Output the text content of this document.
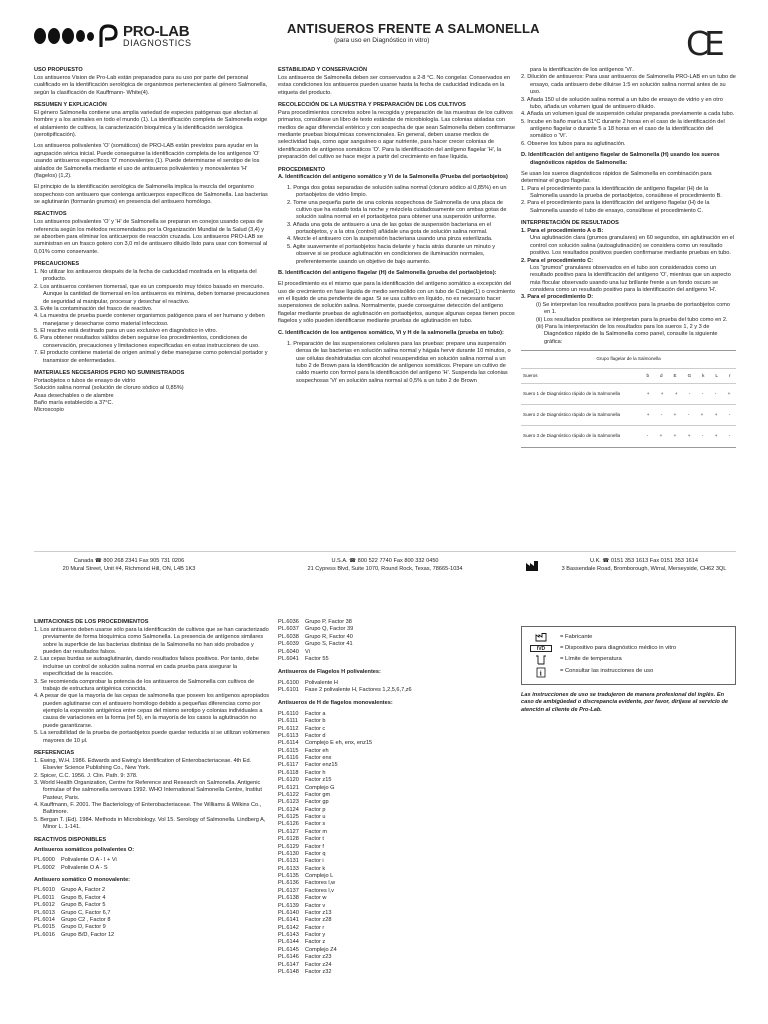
PRO-LAB
DIAGNOSTICS
ANTISUEROS FRENTE A SALMONELLA
(para uso en Diagnóstico in vitro)	CE
USO PROPUESTO

Los antisueros Vision de Pro-Lab están preparados para su uso por parte del personal cualificado en la identificación serológica de organismos pertenecientes al género Salmonella, según la clasificación de Kauffmann- White(4).

RESUMEN Y EXPLICACIÓN

El género Salmonella contiene una amplia variedad de especies patógenas que afectan al hombre y a los animales en todo el mundo (1). La identificación completa de Salmonella exige el aislamiento de cultivos, la caracterización bioquímica y la identificación serológica (serotipificación).

Los antisueros polivalentes 'O' (somáticos) de PRO-LAB están previstos para ayudar en la agrupación sérica inicial. Puede conseguirse la identificación completa de los antígenos 'O' usando antisueros específicos 'O' monovalentes (1). Puede determinarse el serotipo de los aislados de Salmonella mediante el uso de antisueros polivalentes y monovalentes 'H' (flagelos) (1,2).

El principio de la identificación serológica de Salmonella implica la mezcla del organismo sospechoso con antisuero que contenga anticuerpos específicos de Salmonella. Las bacterias se aglutinarán (formarán grumos) en presencia del antisuero homólogo.

REACTIVOS

Los antisueros polivalentes 'O' y 'H' de Salmonella se preparan en conejos usando cepas de referencia según los métodos recomendados por la Organización Mundial de la Salud (3,4) y se absorben para eliminar los anticuerpos de reacción cruzada. Los antisueros PRO-LAB se suministran en un frasco gotero con 3,0 ml de antisuero diluido listo para usar con tiomersal al 0,01% como conservante.

PRECAUCIONES
1. No utilizar los antisueros después de la fecha de caducidad mostrada en la etiqueta del producto.
2. Los antisueros contienen tiomersal, que es un compuesto muy tóxico basado en mercurio. Aunque la cantidad de tiomersal en los antisueros es mínima, deben tomarse precauciones de seguridad al manipular, procesar y desechar el reactivo.
3. Evite la contaminación del frasco de reactivo.
4. La muestra de prueba puede contener organismos patógenos para el ser humano y deben manejarse y desecharse como material infeccioso.
5. El reactivo está destinado para un uso exclusivo en diagnóstico in vitro.
6. Para obtener resultados válidos deben seguirse los procedimientos, condiciones de conservación, precauciones y limitaciones especificadas en estas instrucciones de uso.
7. El producto contiene material de origen animal y debe manejarse como potencial portador y transmisor de enfermedades.
MATERIALES NECESARIOS PERO NO SUMINISTRADOS
Portaobjetos o tubos de ensayo de vidrio
Solución salina normal (solución de cloruro sódico al 0,85%)
Asas desechables o de alambre
Baño maría establecido a 37°C.
Microscopio
ESTABILIDAD Y CONSERVACIÓN

Los antisueros de Salmonella deben ser conservados a 2-8 °C. No congelar. Conservados en estas condiciones los antisueros pueden usarse hasta la fecha de caducidad indicada en la etiqueta del producto.

RECOLECCIÓN DE LA MUESTRA Y PREPARACIÓN DE LOS CULTIVOS

Para procedimientos concretos sobre la recogida y preparación de las muestras de los cultivos primarios, consúltese un libro de texto estándar de microbiología. Las colonias aisladas con medios de agar diferencial entérico y con sospecha de que sean Salmonella deben confirmarse mediante pruebas bioquímicas convencionales. En general, deben usarse medios de selectividad baja, como agar sanguíneo o agar nutriente, para hacer crecer colonias de identificación de antígenos somáticos 'O'. Para la identificación del antígeno flagelar 'H', la preparación del cultivo se hace mejor a partir del crecimiento en fase líquida.

PROCEDIMIENTO
A. Identificación del antígeno somático y Vi de la Salmonella (Prueba del portaobjetos)
1. Ponga dos gotas separadas de solución salina normal (cloruro sódico al 0,85%) en un portaobjetos de vidrio limpio.
2. Tome una pequeña parte de una colonia sospechosa de Salmonella de una placa de cultivo que ha estado toda la noche y mézclela cuidadosamente con ambas gotas de solución salina normal en el portaobjetos para obtener una suspensión uniforme.
3. Añada una gota de antisuero a una de las gotas de suspensión bacteriana en el portaobjetos, y a la otra (control) añádale una gota de solución salina normal.
4. Mezcle el antisuero con la suspensión bacteriana usando una pinza esterilizada.
5. Agite suavemente el portaobjetos hacia delante y hacia atrás durante un minuto y observe si se produce aglutinación en condiciones de iluminación normales, preferentemente usando un objetivo de bajo aumento.
B. Identificación del antígeno flagelar (H) de Salmonella (prueba del portaobjetos):

El procedimiento es el mismo que para la identificación del antígeno somático a excepción del uso de crecimiento en fase líquida de medio semisólido con un tubo de Craigie(1) o crecimiento en el líquido de una pendiente de agar. Si se usa cultivo en líquido, no es necesario hacer suspensiones de solución salina. Normalmente, puede conseguirse detección del antígeno flagelar mediante pruebas de aglutinación en portaobjetos, aunque algunas cepas tienen pocos flagelos y sólo pueden identificarse mediante pruebas de aglutinación en tubo.

C. Identificación de los antígenos somático, Vi y H de la salmonella (prueba en tubo):
1. Preparación de las suspensiones celulares para las pruebas: prepare una suspensión densa de las bacterias en solución salina normal y hágala hervir durante 10 minutos, o use células deshidratadas con alcohol resuspendidas en solución salina normal a un tubo 2 de Brown para la identificación de antígenos somáticos. Prepare un cultivo de caldo muerto con formol para la identificación del antígeno 'H'. Suspenda las colonias sospechosas 'Vi' en solución salina normal al 0,5% a un tubo 2 de Brown
para la identificación de los antígenos 'Vi'.
2. Dilución de antisueros: Para usar antisueros de Salmonella PRO-LAB en un tubo de ensayo, cada antisuero debe diluirse 1:5 en solución salina normal antes de su uso.
3. Añada 150 ul de solución salina normal a un tubo de ensayo de vidrio y en otro tubo, añada un volumen igual de antisuero diluido.
4. Añada un volumen igual de suspensión celular preparada previamente a cada tubo.
5. Incube en baño maría a 51°C durante 2 horas en el caso de la identificación del antígeno flagelar o durante 5 a 18 horas en el caso de la identificación del somático o 'Vi'.
6. Observe los tubos para su aglutinación.
D. Identificación del antígeno flagelar de Salmonella (H) usando los sueros diagnósticos rápidos de Salmonella:

Se usan los sueros diagnósticos rápidos de Salmonella en combinación para determinar el grupo flagelar.

1. Para el procedimiento para la identificación de antígeno flagelar (H) de la Salmonella usando la prueba de portaobjetos, consúltese el procedimiento B.
2. Para el procedimiento para la identificación del antígeno flagelar (H) de la Salmonella usando el tubo de ensayo, consúltese el procedimiento C.
INTERPRETACIÓN DE RESULTADOS
1. Para el procedimiento A o B:
Una aglutinación clara (grumos granulares) en 60 segundos, sin aglutinación en el control con solución salina (autoaglutinación) se considera como un resultado positivo. Los resultados positivos pueden confirmarse mediante pruebas en tubo.
2. Para el procedimiento C:
Los "grumos" granulares observados en el tubo son considerados como un resultado positivo para la identificación del antígeno 'O', mientras que un aspecto más flocular observado usando una luz brillante frente a un fondo oscuro se considera como un resultado positivo para la identificación del antígeno 'H'.
3. Para el procedimiento D:
(i) Se interpretan los resultados positivos para la prueba de portaobjetos como en 1.
(ii) Los resultados positivos se interpretan para la prueba del tubo como en 2.
(iii) Para la interpretación de los resultados para los sueros 1, 2 y 3 de Diagnóstico rápido de la Salmonella como panel, consulte la siguiente gráfica:
Grupo flagelar de la Salmonella
Sueros	b d E G k L r
Suero 1 de Diagnóstico rápido de la Salmonella	+ + + - - - +
Suero 2 de Diagnóstico rápido de la Salmonella	+ - + - + + -
Suero 3 de Diagnóstico rápido de la Salmonella	- + + + - + -
Canada ☎ 800 268 2341 Fax 905 731 0206
20 Mural Street, Unit #4, Richmond Hill, ON, L4B 1K3
U.S.A. ☎ 800 522 7740 Fax 800 332 0450
21 Cypress Blvd, Suite 1070, Round Rock, Texas, 78665-1034
U.K. ☎ 0151 353 1613 Fax 0151 353 1614
3 Bassendale Road, Bromborough, Wirral, Merseyside, CH62 3QL
LIMITACIONES DE LOS PROCEDIMIENTOS
1. Los antisueros deben usarse sólo para la identificación de cultivos que se han caracterizado previamente de forma bioquímica como Salmonella. La presencia de antígenos similares sobre la superficie de las bacterias distintas de la Salmonella no han sido probados y pueden dar resultados falsos.
2. Las cepas burdas se autoaglutinarán, dando resultados falsos positivos. Por tanto, debe incluirse un control de solución salina normal en cada prueba para asegurar la especificidad de la reacción.
3. Se recomienda comprobar la potencia de los antisueros de Salmonella con cultivos de trabajo de estructura antigénica conocida.
4. A pesar de que la mayoría de las cepas de salmonella que poseen los antígenos apropiados pueden aglutinarse con el antisuero homólogo debido a pequeñas diferencias como por ejemplo la expresión antigénica entre cepas del mismo serotipo y colonias individuales a causa de variaciones en la forma (ref 5), en la mayoría de los casos la aglutinación no puede garantizarse.
5. La sensibilidad de la prueba de portaobjetos puede quedar reducida si se utilizan volúmenes mayores de 10 μl.
REFERENCIAS
1. Ewing, W.H. 1986. Edwards and Ewing's Identification of Enterobacteriaceae. 4th Ed. Elsevier Science Publishing Co., New York.
2. Spicer, C.C. 1956. J. Clin. Path. 9: 378.
3. World Health Organization, Centre for Reference and Research on Salmonella. Antigenic formulae of the salmonella serovars 1992. WHO International Salmonella Centre, Institut Pasteur, Paris.
4. Kauffmann, F. 2001. The Bacteriology of Enterobacteriaceae. The Williams & Wilkins Co., Baltimore.
5. Bergan T. (Ed). 1984. Methods in Microbiology. Vol 15. Serology of Salmonella. Lindberg A, Minor L. 1-141.
REACTIVOS DISPONIBLES
Antisueros somáticos polivalentes O:
PL.6000	Polivalente O A - I + Vi
PL.6002	Polivalente O A - S
Antisuero somático O monovalente:
PL.6010	Grupo A, Factor 2
PL.6011	Grupo B, Factor 4
PL.6012	Grupo B, Factor 5
PL.6013	Grupo C, Factor 6,7
PL.6014	Grupo C2 , Factor 8
PL.6015	Grupo D, Factor 9
PL.6016	Grupo B/D, Factor 12
PL.6036	Grupo P, Factor 38
PL.6037	Grupo Q, Factor 39
PL.6038	Grupo R, Factor 40
PL.6039	Grupo S, Factor 41
PL.6040	Vi
PL.6041	Factor 55
Antisueros de Flagelos H polivalentes:
PL.6100	Polivalente H
PL.6101	Fase 2 polivalente H, Factores 1,2,5,6,7,z6
Antisueros de H de flagelos monovalentes:
PL.6110	Factor a
PL.6111	Factor b
PL.6112	Factor c
PL.6113	Factor d
PL.6114	Complejo E eh, enx, enz15
PL.6115	Factor eh
PL.6116	Factor enx
PL.6117	Factor enz15
PL.6118	Factor h
PL.6120	Factor z15
PL.6121	Complejo G
PL.6122	Factor gm
PL.6123	Factor gp
PL.6124	Factor p
PL.6125	Factor u
PL.6126	Factor s
PL.6127	Factor m
PL.6128	Factor t
PL.6129	Factor f
PL.6130	Factor q
PL.6131	Factor i
PL.6133	Factor k
PL.6135	Complejo L
PL.6136	Factores l,w
PL.6137	Factores l,v
PL.6138	Factor w
PL.6139	Factor v
PL.6140	Factor z13
PL.6141	Factor z28
PL.6142	Factor r
PL.6143	Factor y
PL.6144	Factor z
PL.6145	Complejo Z4
PL.6146	Factor z23
PL.6147	Factor z24
PL.6148	Factor z32
= Fabricante
IVD	= Dispositivo para diagnóstico médico in vitro
= Límite de temperatura
i	= Consultar las instrucciones de uso
Las instrucciones de uso se tradujeron de manera profesional del inglés. En caso de ambigüedad o discrepancia evidente, por favor, diríjase al servicio de atención al cliente de Pro-Lab.
